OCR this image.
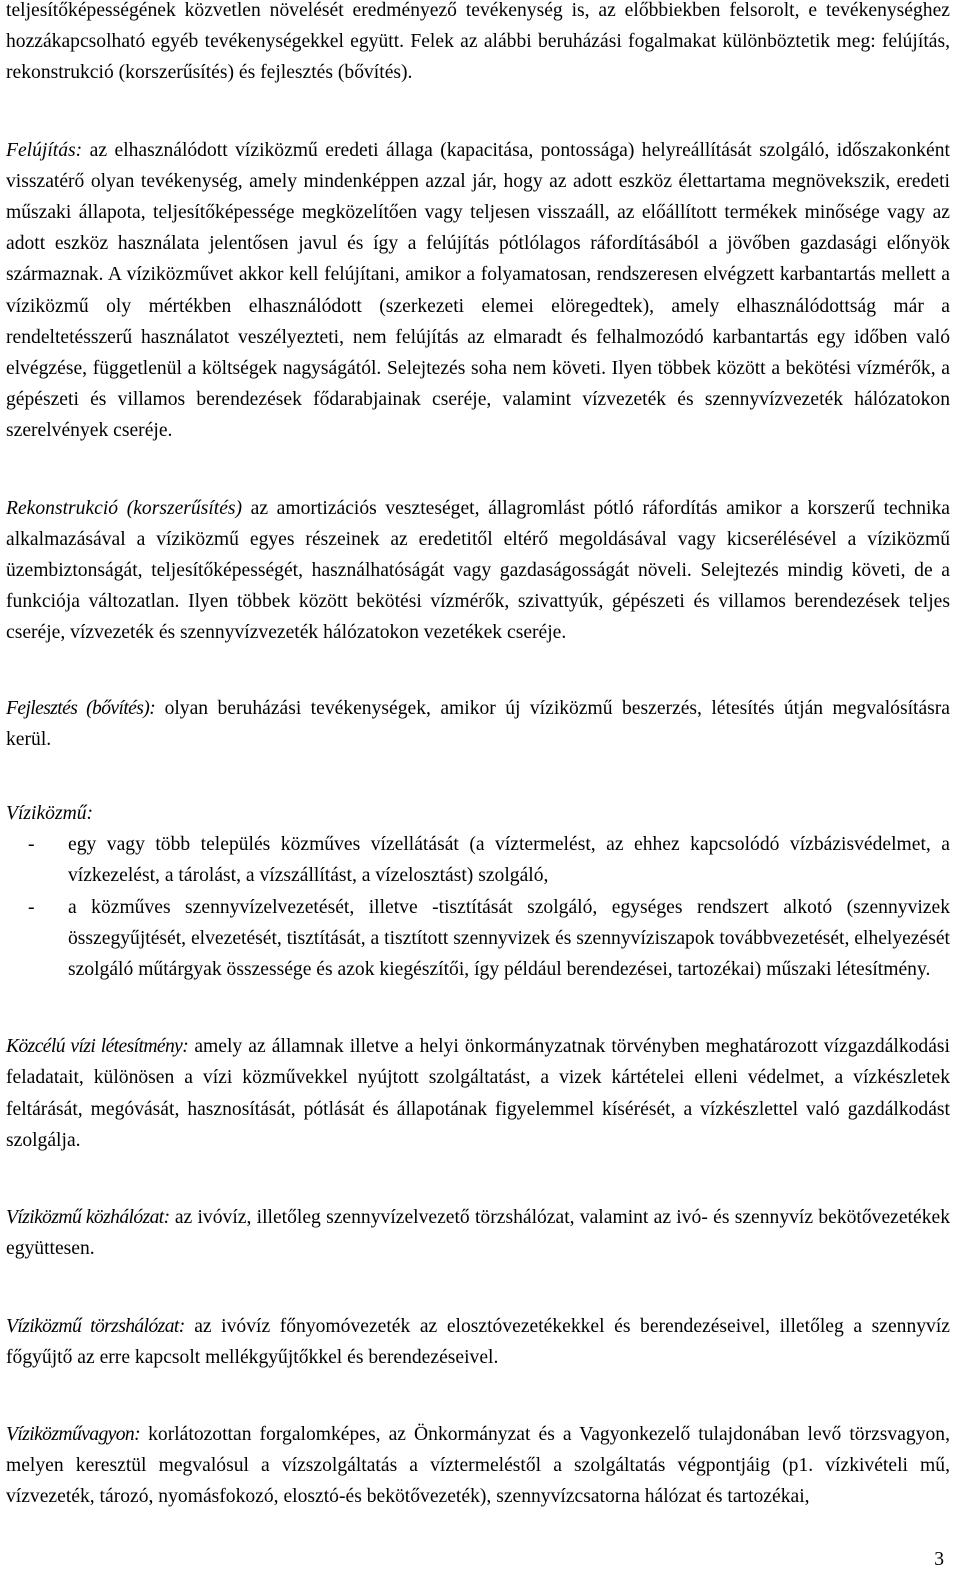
teljesítőképességének közvetlen növelését eredményező tevékenység is, az előbbiekben felsorolt, e tevékenységhez hozzákapcsolható egyéb tevékenységekkel együtt. Felek az alábbi beruházási fogalmakat különböztetik meg: felújítás, rekonstrukció (korszerűsítés) és fejlesztés (bővítés).

Felújítás: az elhasználódott víziközmű eredeti állaga (kapacitása, pontossága) helyreállítását szolgáló, időszakonként visszatérő olyan tevékenység, amely mindenképpen azzal jár, hogy az adott eszköz élettartama megnövekszik, eredeti műszaki állapota, teljesítőképessége megközelítően vagy teljesen visszaáll, az előállított termékek minősége vagy az adott eszköz használata jelentősen javul és így a felújítás pótlólagos ráfordításából a jövőben gazdasági előnyök származnak. A víziközművet akkor kell felújítani, amikor a folyamatosan, rendszeresen elvégzett karbantartás mellett a víziközmű oly mértékben elhasználódott (szerkezeti elemei elöregedtek), amely elhasználódottság már a rendeltetésszerű használatot veszélyezteti, nem felújítás az elmaradt és felhalmozódó karbantartás egy időben való elvégzése, függetlenül a költségek nagyságától. Selejtezés soha nem követi. Ilyen többek között a bekötési vízmérők, a gépészeti és villamos berendezések fődarabjainak cseréje, valamint vízvezeték és szennyvízvezeték hálózatokon szerelvények cseréje.

Rekonstrukció (korszerűsítés) az amortizációs veszteséget, állagromlást pótló ráfordítás amikor a korszerű technika alkalmazásával a víziközmű egyes részeinek az eredetitől eltérő megoldásával vagy kicserélésével a víziközmű üzembiztonságát, teljesítőképességét, használhatóságát vagy gazdaságosságát növeli. Selejtezés mindig követi, de a funkciója változatlan. Ilyen többek között bekötési vízmérők, szivattyúk, gépészeti és villamos berendezések teljes cseréje, vízvezeték és szennyvízvezeték hálózatokon vezetékek cseréje.

Fejlesztés (bővítés): olyan beruházási tevékenységek, amikor új víziközmű beszerzés, létesítés útján megvalósításra kerül.

Víziközmű:

- egy vagy több település közműves vízellátását (a víztermelést, az ehhez kapcsolódó vízbázisvédelmet, a vízkezelést, a tárolást, a vízszállítást, a vízelosztást) szolgáló,
- a közműves szennyvízelvezetését, illetve -tisztítását szolgáló, egységes rendszert alkotó (szennyvizek összegyűjtését, elvezetését, tisztítását, a tisztított szennyvizek és szennyvíziszapok továbbvezetését, elhelyezését szolgáló műtárgyak összessége és azok kiegészítői, így például berendezései, tartozékai) műszaki létesítmény.

Közcélú vízi létesítmény: amely az államnak illetve a helyi önkormányzatnak törvényben meghatározott vízgazdálkodási feladatait, különösen a vízi közművekkel nyújtott szolgáltatást, a vizek kártételei elleni védelmet, a vízkészletek feltárását, megóvását, hasznosítását, pótlását és állapotának figyelemmel kísérését, a vízkészlettel való gazdálkodást szolgálja.

Víziközmű közhálózat: az ivóvíz, illetőleg szennyvízelvezető törzshálózat, valamint az ivó- és szennyvíz bekötővezetékek együttesen.

Víziközmű törzshálózat: az ivóvíz főnyomóvezeték az elosztóvezetékekkel és berendezéseivel, illetőleg a szennyvíz főgyűjtő az erre kapcsolt mellékgyűjtőkkel és berendezéseivel.

Víziközművagyon: korlátozottan forgalomképes, az Önkormányzat és a Vagyonkezelő tulajdonában levő törzsvagyon, melyen keresztül megvalósul a vízszolgáltatás a víztermeléstől a szolgáltatás végpontjáig (p1. vízkivételi mű, vízvezeték, tározó, nyomásfokozó, elosztó-és bekötővezeték), szennyvízcsatorna hálózat és tartozékai,

3
